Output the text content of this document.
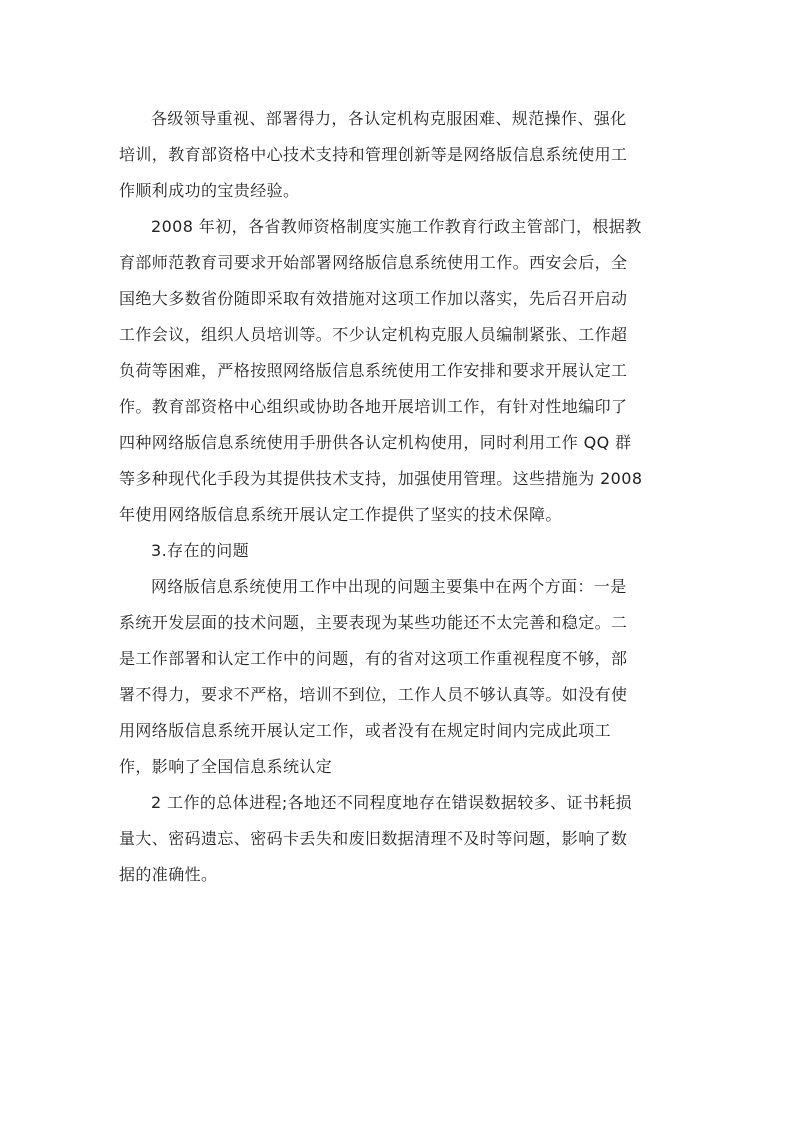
各级领导重视、部署得力，各认定机构克服困难、规范操作、强化
培训，教育部资格中心技术支持和管理创新等是网络版信息系统使用工
作顺利成功的宝贵经验。

2008 年初，各省教师资格制度实施工作教育行政主管部门，根据教
育部师范教育司要求开始部署网络版信息系统使用工作。西安会后，全
国绝大多数省份随即采取有效措施对这项工作加以落实，先后召开启动
工作会议，组织人员培训等。不少认定机构克服人员编制紧张、工作超
负荷等困难，严格按照网络版信息系统使用工作安排和要求开展认定工
作。教育部资格中心组织或协助各地开展培训工作，有针对性地编印了
四种网络版信息系统使用手册供各认定机构使用，同时利用工作 QQ 群
等多种现代化手段为其提供技术支持，加强使用管理。这些措施为 2008
年使用网络版信息系统开展认定工作提供了坚实的技术保障。

3.存在的问题

网络版信息系统使用工作中出现的问题主要集中在两个方面：一是
系统开发层面的技术问题，主要表现为某些功能还不太完善和稳定。二
是工作部署和认定工作中的问题，有的省对这项工作重视程度不够，部
署不得力，要求不严格，培训不到位，工作人员不够认真等。如没有使
用网络版信息系统开展认定工作，或者没有在规定时间内完成此项工
作，影响了全国信息系统认定

2 工作的总体进程;各地还不同程度地存在错误数据较多、证书耗损
量大、密码遗忘、密码卡丢失和废旧数据清理不及时等问题，影响了数
据的准确性。
